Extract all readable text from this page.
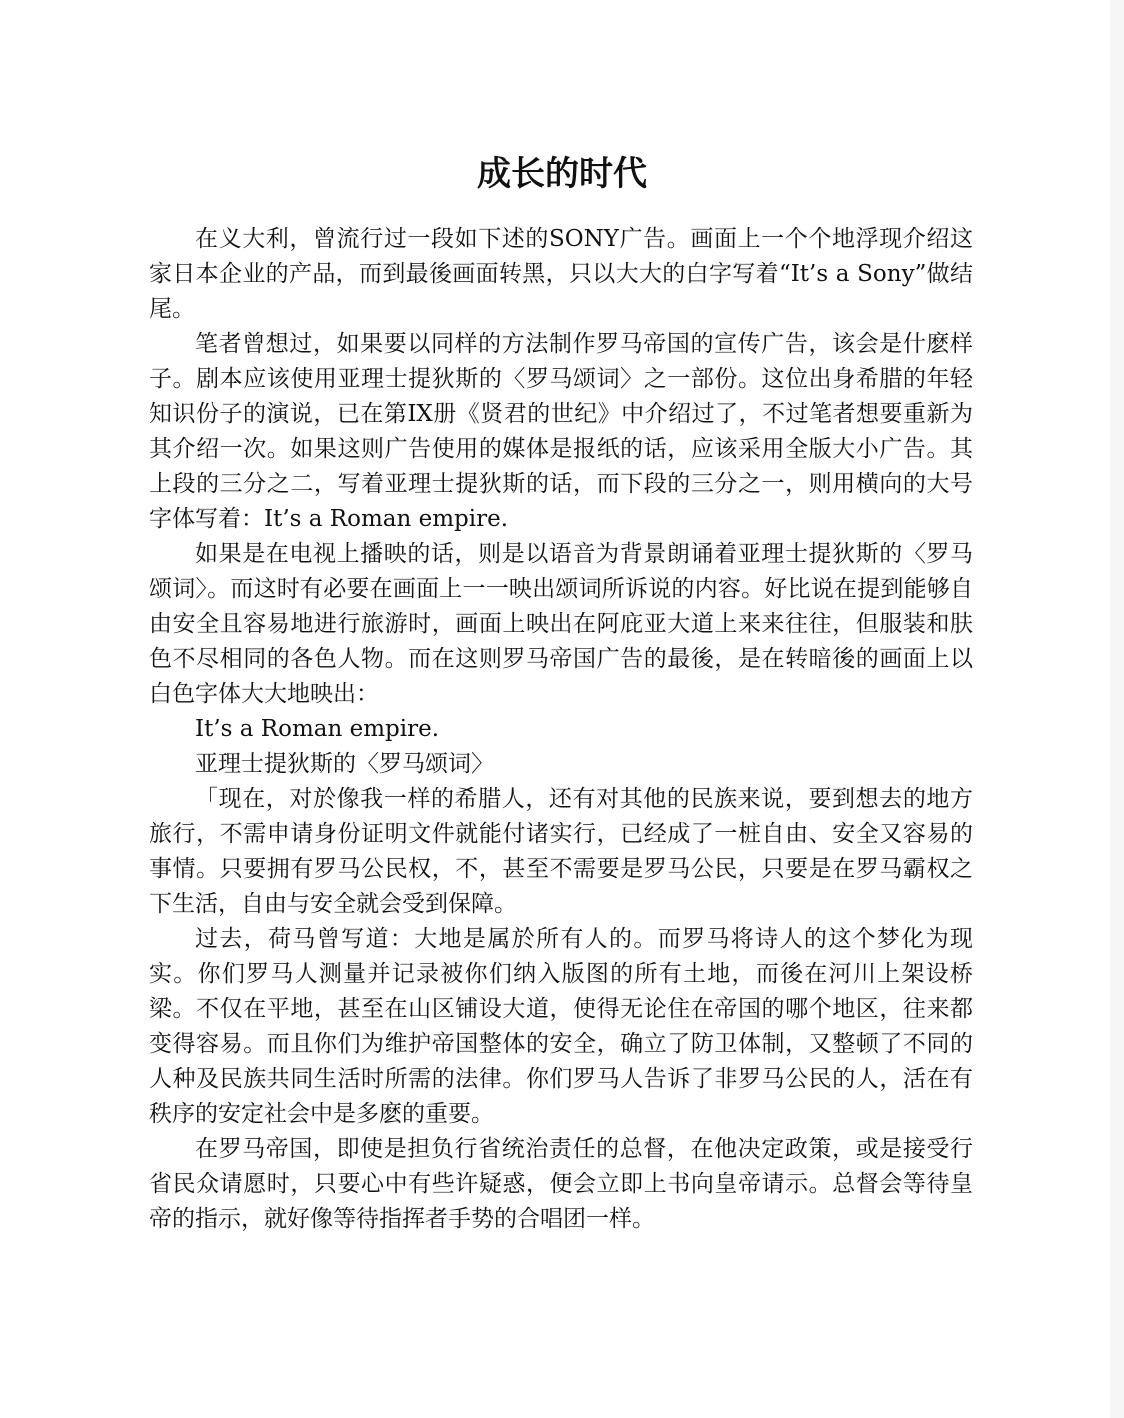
成长的时代

在义大利，曾流行过一段如下述的SONY广告。画面上一个个地浮现介绍这家日本企业的产品，而到最後画面转黑，只以大大的白字写着“It’s a Sony”做结尾。

笔者曾想过，如果要以同样的方法制作罗马帝国的宣传广告，该会是什麽样子。剧本应该使用亚理士提狄斯的〈罗马颂词〉之一部份。这位出身希腊的年轻知识份子的演说，已在第IX册《贤君的世纪》中介绍过了，不过笔者想要重新为其介绍一次。如果这则广告使用的媒体是报纸的话，应该采用全版大小广告。其上段的三分之二，写着亚理士提狄斯的话，而下段的三分之一，则用横向的大号字体写着：It’s a Roman empire.

如果是在电视上播映的话，则是以语音为背景朗诵着亚理士提狄斯的〈罗马颂词〉。而这时有必要在画面上一一映出颂词所诉说的内容。好比说在提到能够自由安全且容易地进行旅游时，画面上映出在阿庇亚大道上来来往往，但服装和肤色不尽相同的各色人物。而在这则罗马帝国广告的最後，是在转暗後的画面上以白色字体大大地映出：

It’s a Roman empire.

亚理士提狄斯的〈罗马颂词〉

「现在，对於像我一样的希腊人，还有对其他的民族来说，要到想去的地方旅行，不需申请身份证明文件就能付诸实行，已经成了一桩自由、安全又容易的事情。只要拥有罗马公民权，不，甚至不需要是罗马公民，只要是在罗马霸权之下生活，自由与安全就会受到保障。

过去，荷马曾写道：大地是属於所有人的。而罗马将诗人的这个梦化为现实。你们罗马人测量并记录被你们纳入版图的所有土地，而後在河川上架设桥梁。不仅在平地，甚至在山区铺设大道，使得无论住在帝国的哪个地区，往来都变得容易。而且你们为维护帝国整体的安全，确立了防卫体制，又整顿了不同的人种及民族共同生活时所需的法律。你们罗马人告诉了非罗马公民的人，活在有秩序的安定社会中是多麽的重要。

在罗马帝国，即使是担负行省统治责任的总督，在他决定政策，或是接受行省民众请愿时，只要心中有些许疑惑，便会立即上书向皇帝请示。总督会等待皇帝的指示，就好像等待指挥者手势的合唱团一样。
